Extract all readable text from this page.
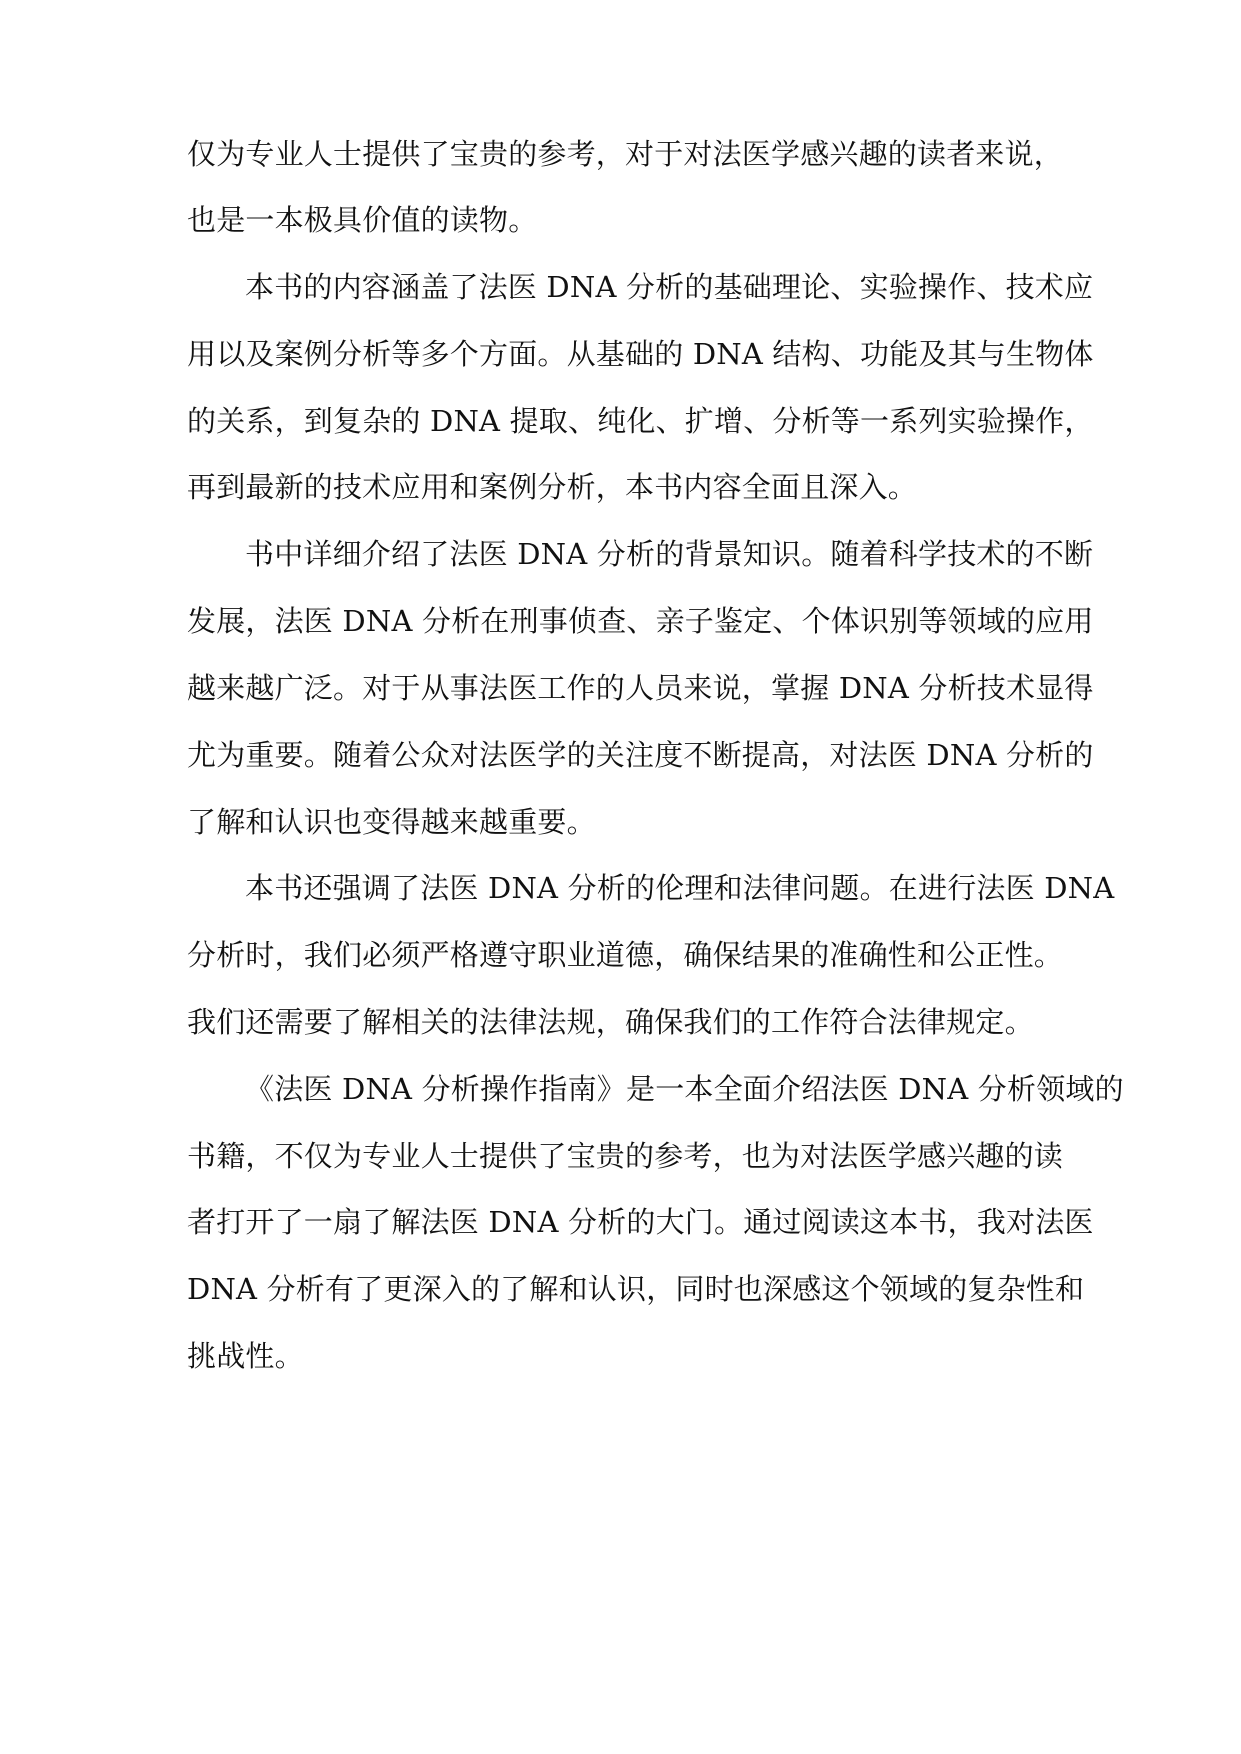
仅为专业人士提供了宝贵的参考，对于对法医学感兴趣的读者来说，
也是一本极具价值的读物。
本书的内容涵盖了法医 DNA 分析的基础理论、实验操作、技术应
用以及案例分析等多个方面。从基础的 DNA 结构、功能及其与生物体
的关系，到复杂的 DNA 提取、纯化、扩增、分析等一系列实验操作，
再到最新的技术应用和案例分析，本书内容全面且深入。
书中详细介绍了法医 DNA 分析的背景知识。随着科学技术的不断
发展，法医 DNA 分析在刑事侦查、亲子鉴定、个体识别等领域的应用
越来越广泛。对于从事法医工作的人员来说，掌握 DNA 分析技术显得
尤为重要。随着公众对法医学的关注度不断提高，对法医 DNA 分析的
了解和认识也变得越来越重要。
本书还强调了法医 DNA 分析的伦理和法律问题。在进行法医 DNA
分析时，我们必须严格遵守职业道德，确保结果的准确性和公正性。
我们还需要了解相关的法律法规，确保我们的工作符合法律规定。
《法医 DNA 分析操作指南》是一本全面介绍法医 DNA 分析领域的
书籍，不仅为专业人士提供了宝贵的参考，也为对法医学感兴趣的读
者打开了一扇了解法医 DNA 分析的大门。通过阅读这本书，我对法医
DNA 分析有了更深入的了解和认识，同时也深感这个领域的复杂性和
挑战性。
